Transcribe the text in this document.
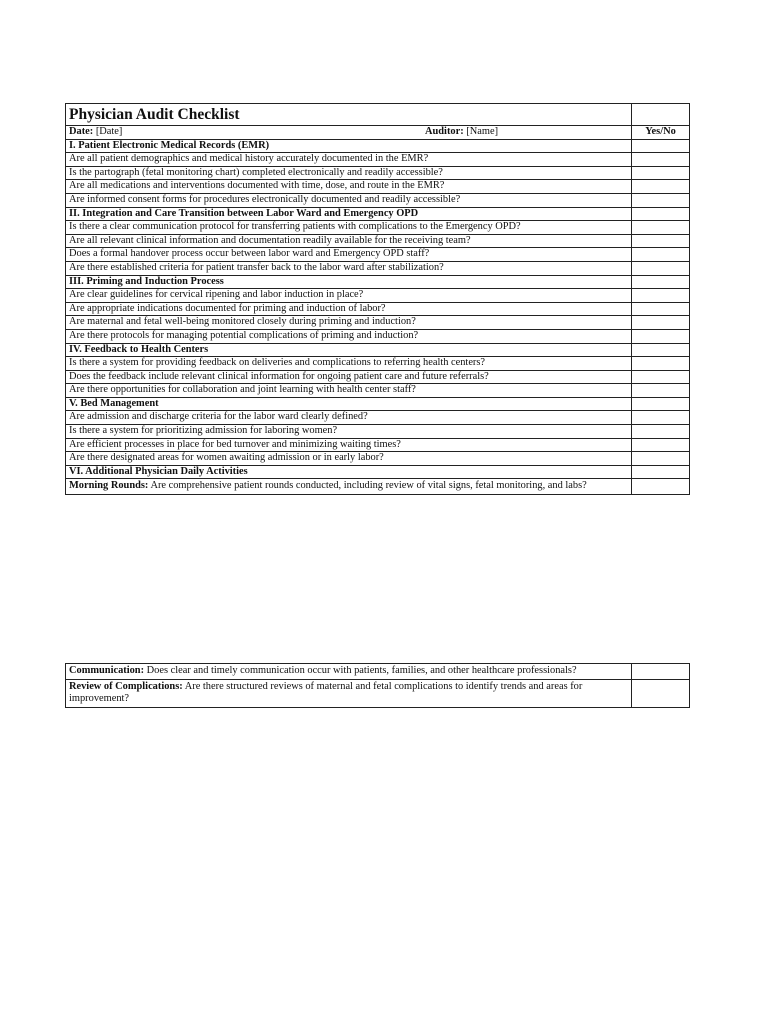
Physician Audit Checklist	
Date: [Date] Auditor: [Name]	Yes/No
I. Patient Electronic Medical Records (EMR)	
Are all patient demographics and medical history accurately documented in the EMR?	
Is the partograph (fetal monitoring chart) completed electronically and readily accessible?	
Are all medications and interventions documented with time, dose, and route in the EMR?	
Are informed consent forms for procedures electronically documented and readily accessible?	
II. Integration and Care Transition between Labor Ward and Emergency OPD	
Is there a clear communication protocol for transferring patients with complications to the Emergency OPD?	
Are all relevant clinical information and documentation readily available for the receiving team?	
Does a formal handover process occur between labor ward and Emergency OPD staff?	
Are there established criteria for patient transfer back to the labor ward after stabilization?	
III. Priming and Induction Process	
Are clear guidelines for cervical ripening and labor induction in place?	
Are appropriate indications documented for priming and induction of labor?	
Are maternal and fetal well-being monitored closely during priming and induction?	
Are there protocols for managing potential complications of priming and induction?	
IV. Feedback to Health Centers	
Is there a system for providing feedback on deliveries and complications to referring health centers?	
Does the feedback include relevant clinical information for ongoing patient care and future referrals?	
Are there opportunities for collaboration and joint learning with health center staff?	
V. Bed Management	
Are admission and discharge criteria for the labor ward clearly defined?	
Is there a system for prioritizing admission for laboring women?	
Are efficient processes in place for bed turnover and minimizing waiting times?	
Are there designated areas for women awaiting admission or in early labor?	
VI. Additional Physician Daily Activities	
Morning Rounds: Are comprehensive patient rounds conducted, including review of vital signs, fetal monitoring, and labs?	
Communication: Does clear and timely communication occur with patients, families, and other healthcare professionals?	
Review of Complications: Are there structured reviews of maternal and fetal complications to identify trends and areas for improvement?	
